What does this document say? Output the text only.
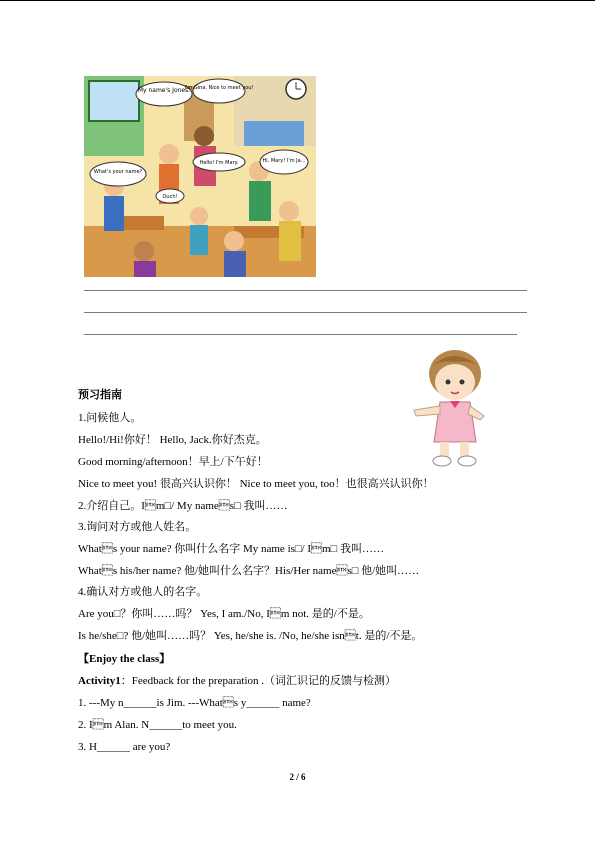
My name's Jones.
I'm Gina. Nice to meet you!
What's your name?
Hello! I'm Mary.	Hi, Mary! I'm Ja...
Ouch!
预习指南
1.问候他人。
Hello!/Hi!你好！ Hello, Jack.你好杰克。
Good morning/afternoon！早上/下午好！
Nice to meet you! 很高兴认识你！ Nice to meet you, too！也很高兴认识你！
2.介绍自己。Im□/ My names□ 我叫……
3.询问对方或他人姓名。
Whats your name? 你叫什么名字 My name is□/ Im□ 我叫……
Whats his/her name? 他/她叫什么名字？His/Her names□ 他/她叫……
4.确认对方或他人的名字。
Are you□？你叫……吗？ Yes, I am./No, Im not. 是的/不是。
Is he/she□? 他/她叫……吗？ Yes, he/she is. /No, he/she isnt. 是的/不是。
【Enjoy the class】
Activity1：Feedback for the preparation .（词汇识记的反馈与检测）
1. ---My n______is Jim. ---Whats y______ name?
2. Im Alan. N______to meet you.
3. H______ are you?
2 / 6
